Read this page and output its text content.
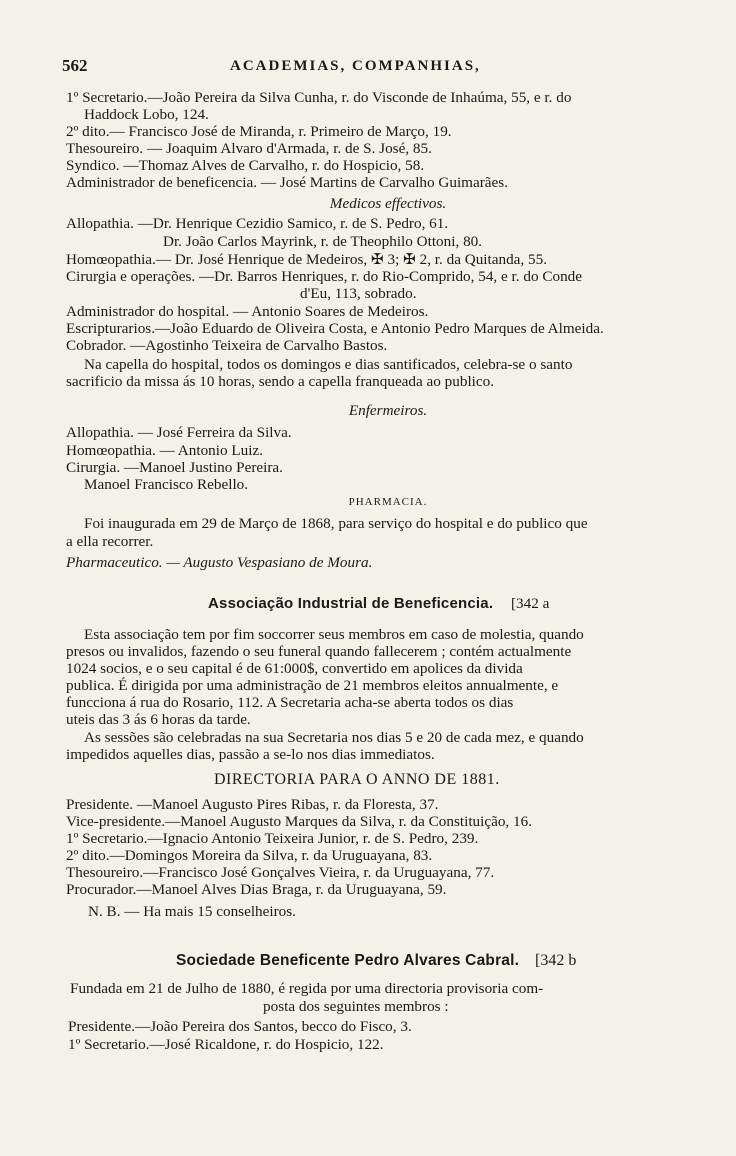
562	ACADEMIAS, COMPANHIAS,
1º Secretario.—João Pereira da Silva Cunha, r. do Visconde de Inhaúma, 55, e r. do
Haddock Lobo, 124.
2º dito.— Francisco José de Miranda, r. Primeiro de Março, 19.
Thesoureiro. — Joaquim Alvaro d'Armada, r. de S. José, 85.
Syndico. —Thomaz Alves de Carvalho, r. do Hospicio, 58.
Administrador de beneficencia. — José Martins de Carvalho Guimarães.
Medicos effectivos.
Allopathia. —Dr. Henrique Cezidio Samico, r. de S. Pedro, 61.
Dr. João Carlos Mayrink, r. de Theophilo Ottoni, 80.
Homœopathia.— Dr. José Henrique de Medeiros, ✠ 3; ✠ 2, r. da Quitanda, 55.
Cirurgia e operações. —Dr. Barros Henriques, r. do Rio-Comprido, 54, e r. do Conde
d'Eu, 113, sobrado.
Administrador do hospital. — Antonio Soares de Medeiros.
Escripturarios.—João Eduardo de Oliveira Costa, e Antonio Pedro Marques de Almeida.
Cobrador. —Agostinho Teixeira de Carvalho Bastos.
Na capella do hospital, todos os domingos e dias santificados, celebra-se o santo
sacrificio da missa ás 10 horas, sendo a capella franqueada ao publico.
Enfermeiros.
Allopathia. — José Ferreira da Silva.
Homœopathia. — Antonio Luiz.
Cirurgia. —Manoel Justino Pereira.
Manoel Francisco Rebello.
PHARMACIA.
Foi inaugurada em 29 de Março de 1868, para serviço do hospital e do publico que
a ella recorrer.
Pharmaceutico. — Augusto Vespasiano de Moura.
Associação Industrial de Beneficencia. [342 a
Esta associação tem por fim soccorrer seus membros em caso de molestia, quando
presos ou invalidos, fazendo o seu funeral quando fallecerem ; contém actualmente
1024 socios, e o seu capital é de 61:000$, convertido em apolices da divida
publica. É dirigida por uma administração de 21 membros eleitos annualmente, e
funcciona á rua do Rosario, 112. A Secretaria acha-se aberta todos os dias
uteis das 3 ás 6 horas da tarde.
As sessões são celebradas na sua Secretaria nos dias 5 e 20 de cada mez, e quando
impedidos aquelles dias, passão a se-lo nos dias immediatos.
DIRECTORIA PARA O ANNO DE 1881.
Presidente. —Manoel Augusto Pires Ribas, r. da Floresta, 37.
Vice-presidente.—Manoel Augusto Marques da Silva, r. da Constituição, 16.
1º Secretario.—Ignacio Antonio Teixeira Junior, r. de S. Pedro, 239.
2º dito.—Domingos Moreira da Silva, r. da Uruguayana, 83.
Thesoureiro.—Francisco José Gonçalves Vieira, r. da Uruguayana, 77.
Procurador.—Manoel Alves Dias Braga, r. da Uruguayana, 59.
N. B. — Ha mais 15 conselheiros.
Sociedade Beneficente Pedro Alvares Cabral. [342 b
Fundada em 21 de Julho de 1880, é regida por uma directoria provisoria com-
posta dos seguintes membros :
Presidente.—João Pereira dos Santos, becco do Fisco, 3.
1º Secretario.—José Ricaldone, r. do Hospicio, 122.
